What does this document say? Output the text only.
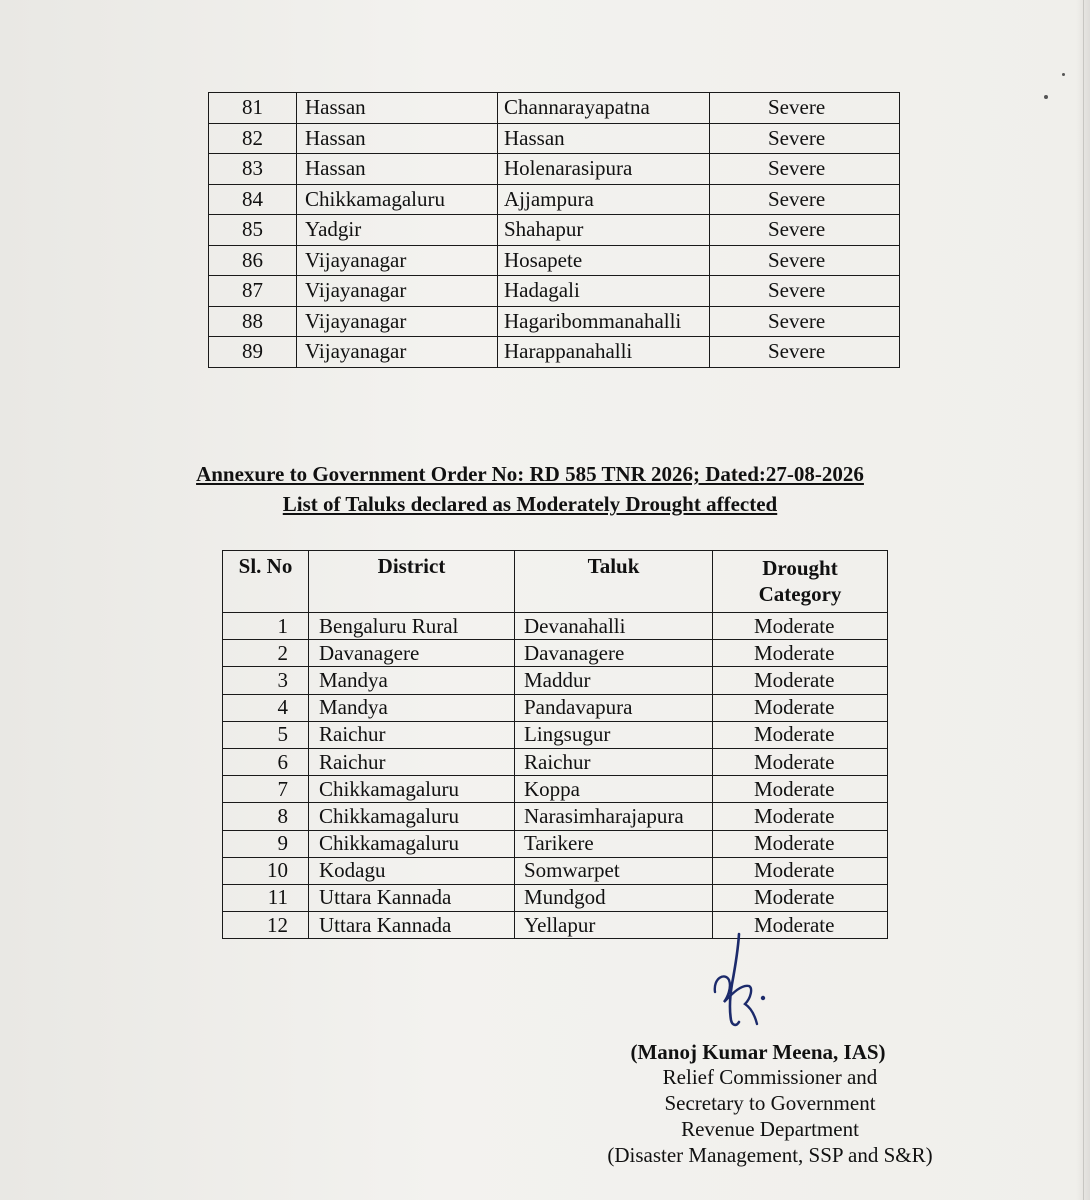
81	Hassan	Channarayapatna	Severe
82	Hassan	Hassan	Severe
83	Hassan	Holenarasipura	Severe
84	Chikkamagaluru	Ajjampura	Severe
85	Yadgir	Shahapur	Severe
86	Vijayanagar	Hosapete	Severe
87	Vijayanagar	Hadagali	Severe
88	Vijayanagar	Hagaribommanahalli	Severe
89	Vijayanagar	Harappanahalli	Severe
Annexure to Government Order No: RD 585 TNR 2026; Dated:27-08-2026
List of Taluks declared as Moderately Drought affected
Sl. No	District	Taluk	Drought
Category
1	Bengaluru Rural	Devanahalli	Moderate
2	Davanagere	Davanagere	Moderate
3	Mandya	Maddur	Moderate
4	Mandya	Pandavapura	Moderate
5	Raichur	Lingsugur	Moderate
6	Raichur	Raichur	Moderate
7	Chikkamagaluru	Koppa	Moderate
8	Chikkamagaluru	Narasimharajapura	Moderate
9	Chikkamagaluru	Tarikere	Moderate
10	Kodagu	Somwarpet	Moderate
11	Uttara Kannada	Mundgod	Moderate
12	Uttara Kannada	Yellapur	Moderate
(Manoj Kumar Meena, IAS)
Relief Commissioner and
Secretary to Government
Revenue Department
(Disaster Management, SSP and S&R)
